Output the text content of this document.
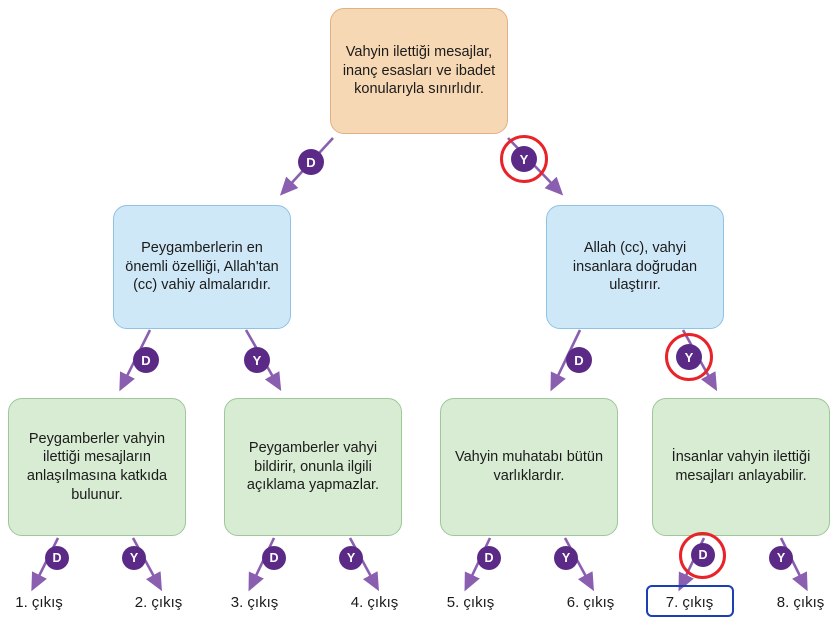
Vahyin ilettiği mesajlar, inanç esasları ve ibadet konularıyla sınırlıdır.
D	Y
Peygamberlerin en önemli özelliği, Allah'tan (cc) vahiy almalarıdır.
Allah (cc), vahyi insanlara doğrudan ulaştırır.
D	Y	D	Y
Peygamberler vahyin ilettiği mesajların anlaşılmasına katkıda bulunur.
Peygamberler vahyi bildirir, onunla ilgili açıklama yapmazlar.
Vahyin muhatabı bütün varlıklardır.
İnsanlar vahyin ilettiği mesajları anlayabilir.
D	Y	D	Y	D	Y	D	Y
1. çıkış	2. çıkış	3. çıkış	4. çıkış	5. çıkış	6. çıkış	7. çıkış	8. çıkış
